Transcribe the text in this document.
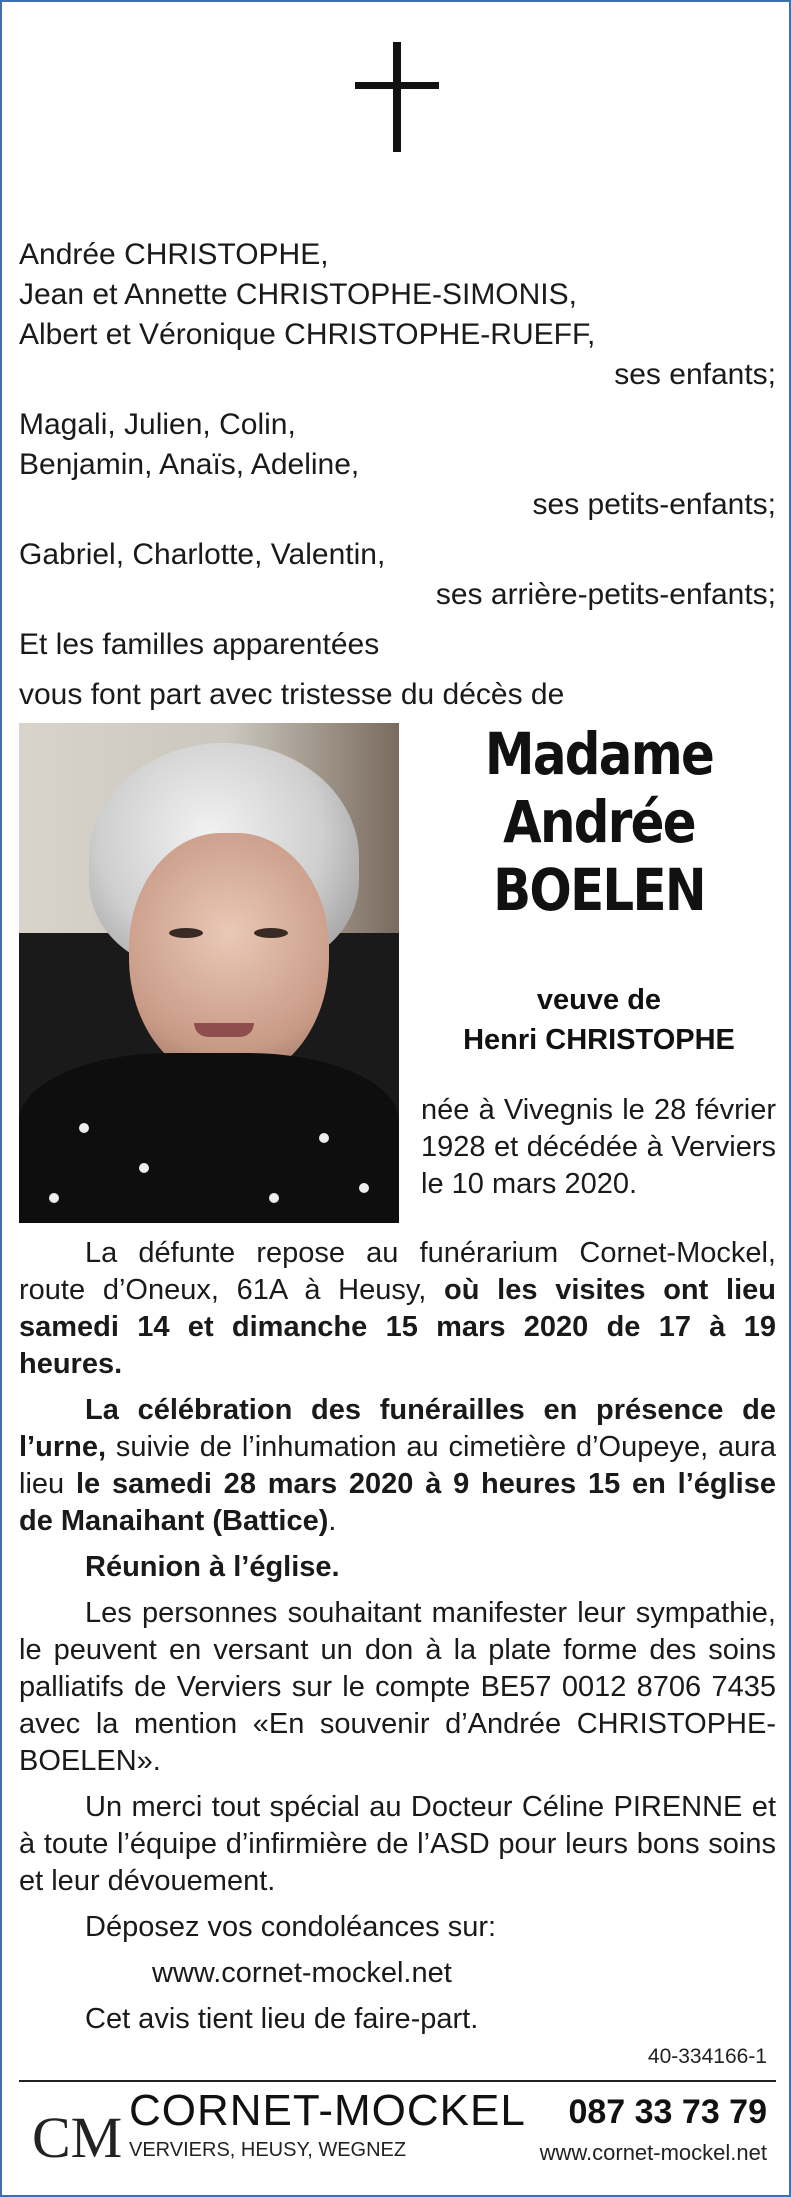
Andrée CHRISTOPHE,
Jean et Annette CHRISTOPHE-SIMONIS,
Albert et Véronique CHRISTOPHE-RUEFF,
ses enfants;
Magali, Julien, Colin,
Benjamin, Anaïs, Adeline,
ses petits-enfants;
Gabriel, Charlotte, Valentin,
ses arrière-petits-enfants;
Et les familles apparentées
vous font part avec tristesse du décès de
Madame
Andrée
BOELEN
veuve de
Henri CHRISTOPHE
née à Vivegnis le 28 février 1928 et décédée à Verviers le 10 mars 2020.

La défunte repose au funérarium Cornet-Mockel, route d’Oneux, 61A à Heusy, où les visites ont lieu samedi 14 et dimanche 15 mars 2020 de 17 à 19 heures.

La célébration des funérailles en présence de l’urne, suivie de l’inhumation au cimetière d’Oupeye, aura lieu le samedi 28 mars 2020 à 9 heures 15 en l’église de Manaihant (Battice).

Réunion à l’église.

Les personnes souhaitant manifester leur sympathie, le peuvent en versant un don à la plate forme des soins palliatifs de Verviers sur le compte BE57 0012 8706 7435 avec la mention «En souvenir d’Andrée CHRISTOPHE-BOELEN».

Un merci tout spécial au Docteur Céline PIRENNE et à toute l’équipe d’infirmière de l’ASD pour leurs bons soins et leur dévouement.

Déposez vos condoléances sur:

www.cornet-mockel.net

Cet avis tient lieu de faire-part.

40-334166-1
CM CORNET-MOCKEL
VERVIERS, HEUSY, WEGNEZ
087 33 73 79
www.cornet-mockel.net
